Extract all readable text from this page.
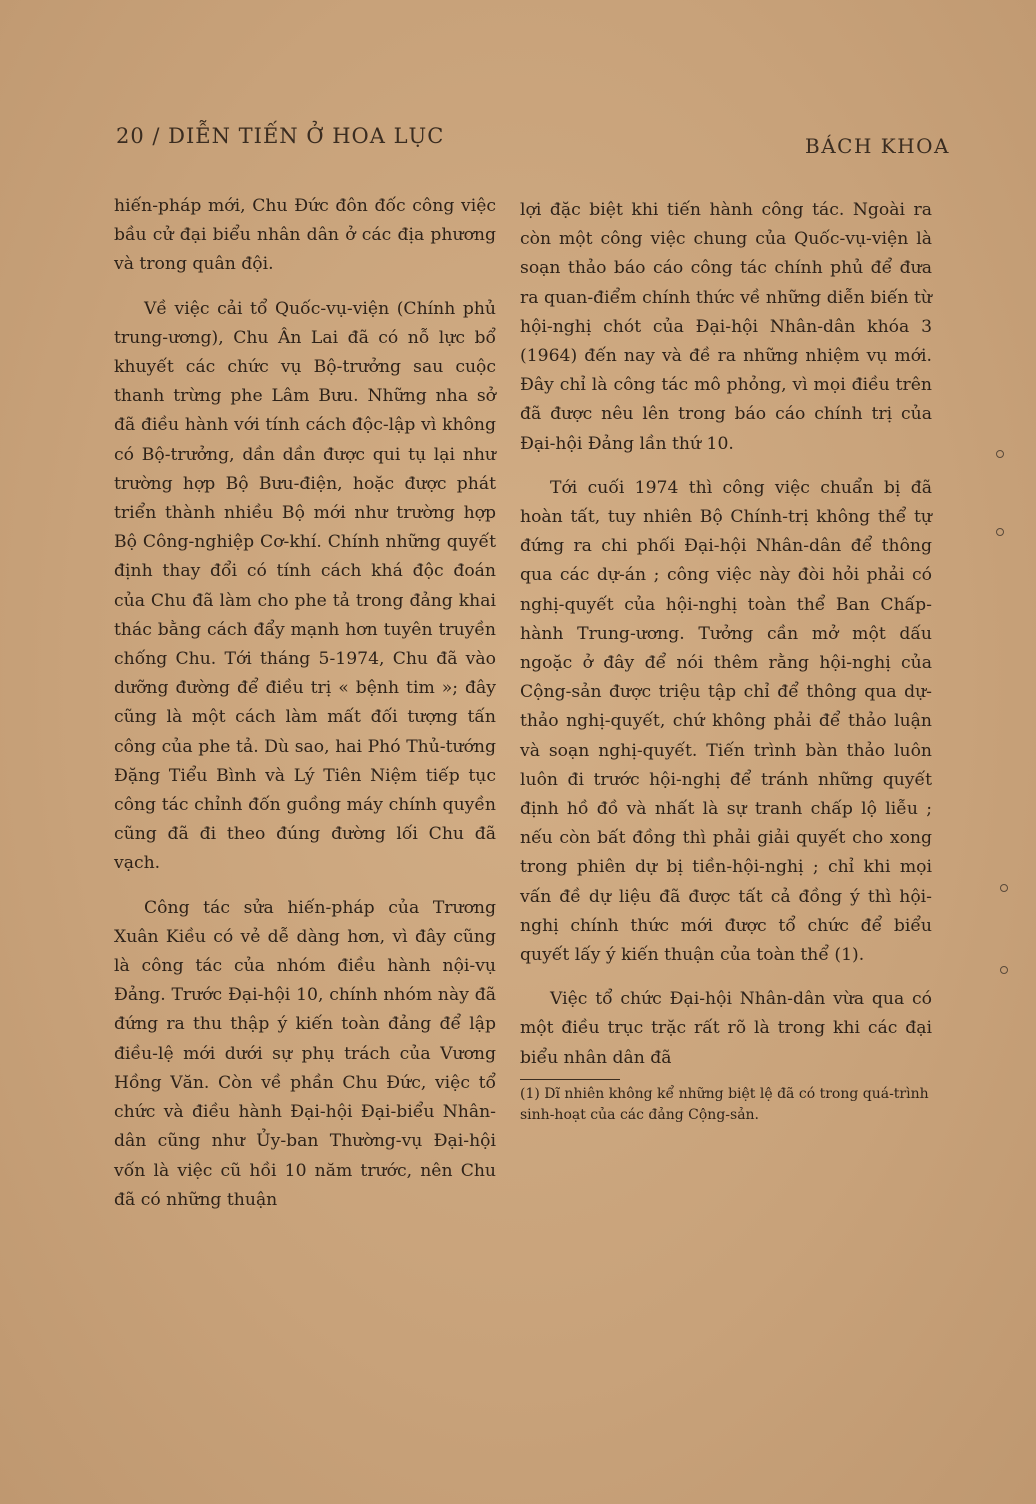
20 / DIỄN TIẾN Ở HOA LỤC	BÁCH KHOA

hiến-pháp mới, Chu Đức đôn đốc công việc bầu cử đại biểu nhân dân ở các địa phương và trong quân đội.

Về việc cải tổ Quốc-vụ-viện (Chính phủ trung-ương), Chu Ân Lai đã có nỗ lực bổ khuyết các chức vụ Bộ-trưởng sau cuộc thanh trừng phe Lâm Bưu. Những nha sở đã điều hành với tính cách độc-lập vì không có Bộ-trưởng, dần dần được qui tụ lại như trường hợp Bộ Bưu-điện, hoặc được phát triển thành nhiều Bộ mới như trường hợp Bộ Công-nghiệp Cơ-khí. Chính những quyết định thay đổi có tính cách khá độc đoán của Chu đã làm cho phe tả trong đảng khai thác bằng cách đẩy mạnh hơn tuyên truyền chống Chu. Tới tháng 5-1974, Chu đã vào dưỡng đường để điều trị « bệnh tim »; đây cũng là một cách làm mất đối tượng tấn công của phe tả. Dù sao, hai Phó Thủ-tướng Đặng Tiểu Bình và Lý Tiên Niệm tiếp tục công tác chỉnh đốn guồng máy chính quyền cũng đã đi theo đúng đường lối Chu đã vạch.

Công tác sửa hiến-pháp của Trương Xuân Kiều có vẻ dễ dàng hơn, vì đây cũng là công tác của nhóm điều hành nội-vụ Đảng. Trước Đại-hội 10, chính nhóm này đã đứng ra thu thập ý kiến toàn đảng để lập điều-lệ mới dưới sự phụ trách của Vương Hồng Văn. Còn về phần Chu Đức, việc tổ chức và điều hành Đại-hội Đại-biểu Nhân-dân cũng như Ủy-ban Thường-vụ Đại-hội vốn là việc cũ hồi 10 năm trước, nên Chu đã có những thuận

lợi đặc biệt khi tiến hành công tác. Ngoài ra còn một công việc chung của Quốc-vụ-viện là soạn thảo báo cáo công tác chính phủ để đưa ra quan-điểm chính thức về những diễn biến từ hội-nghị chót của Đại-hội Nhân-dân khóa 3 (1964) đến nay và đề ra những nhiệm vụ mới. Đây chỉ là công tác mô phỏng, vì mọi điều trên đã được nêu lên trong báo cáo chính trị của Đại-hội Đảng lần thứ 10.

Tới cuối 1974 thì công việc chuẩn bị đã hoàn tất, tuy nhiên Bộ Chính-trị không thể tự đứng ra chi phối Đại-hội Nhân-dân để thông qua các dự-án ; công việc này đòi hỏi phải có nghị-quyết của hội-nghị toàn thể Ban Chấp-hành Trung-ương. Tưởng cần mở một dấu ngoặc ở đây để nói thêm rằng hội-nghị của Cộng-sản được triệu tập chỉ để thông qua dự-thảo nghị-quyết, chứ không phải để thảo luận và soạn nghị-quyết. Tiến trình bàn thảo luôn luôn đi trước hội-nghị để tránh những quyết định hồ đồ và nhất là sự tranh chấp lộ liễu ; nếu còn bất đồng thì phải giải quyết cho xong trong phiên dự bị tiền-hội-nghị ; chỉ khi mọi vấn đề dự liệu đã được tất cả đồng ý thì hội-nghị chính thức mới được tổ chức để biểu quyết lấy ý kiến thuận của toàn thể (1).

Việc tổ chức Đại-hội Nhân-dân vừa qua có một điều trục trặc rất rõ là trong khi các đại biểu nhân dân đã

(1) Dĩ nhiên không kể những biệt lệ đã có trong quá-trình sinh-hoạt của các đảng Cộng-sản.
